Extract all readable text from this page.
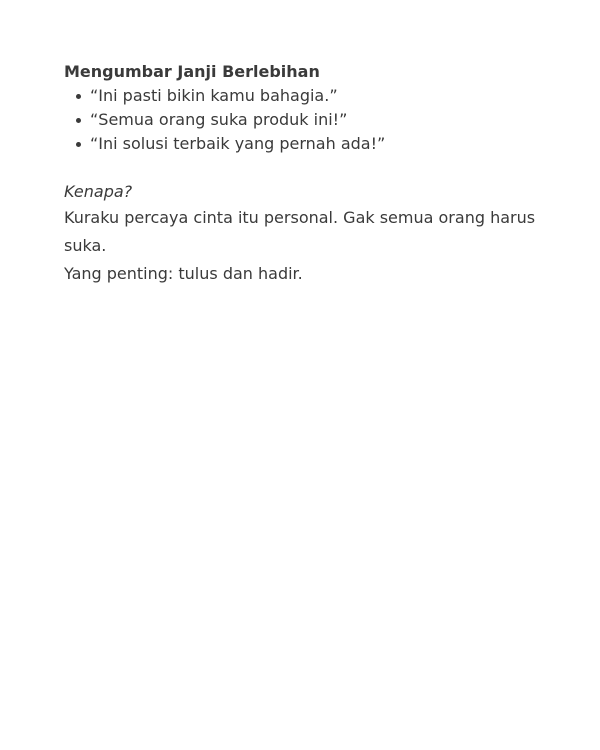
Mengumbar Janji Berlebihan

“Ini pasti bikin kamu bahagia.”
“Semua orang suka produk ini!”
“Ini solusi terbaik yang pernah ada!”

Kenapa?

Kuraku percaya cinta itu personal. Gak semua orang harus suka.
Yang penting: tulus dan hadir.
